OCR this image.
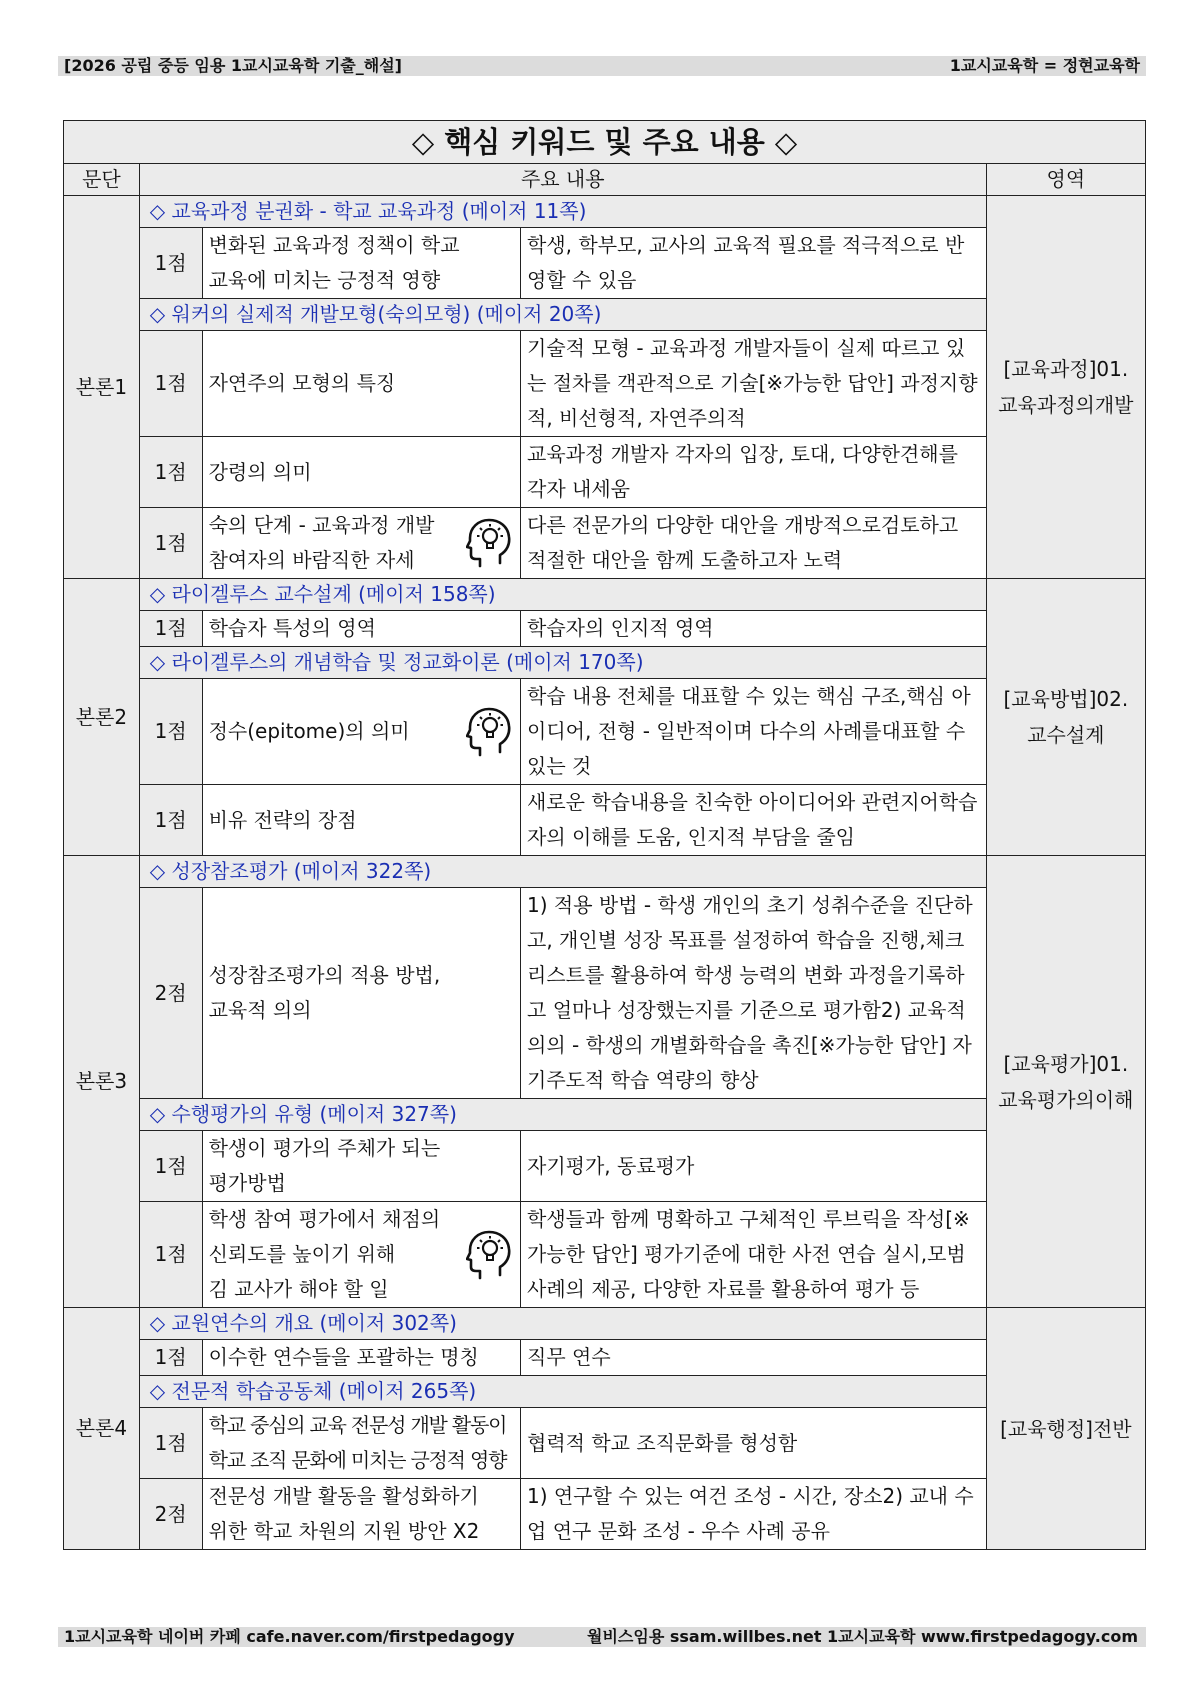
[2026 공립 중등 임용 1교시교육학 기출_해설]	1교시교육학 = 정현교육학
◇ 핵심 키워드 및 주요 내용 ◇				
문단	주요 내용			영역
본론1	◇ 교육과정 분권화 - 학교 교육과정 (메이저 11쪽)			[교육과정]01. 교육과정의개발
	1점	변화된 교육과정 정책이 학교
교육에 미치는 긍정적 영향	학생, 학부모, 교사의 교육적 필요를 적극적으로 반영할 수 있음	
	◇ 워커의 실제적 개발모형(숙의모형) (메이저 20쪽)			
	1점	자연주의 모형의 특징	기술적 모형 - 교육과정 개발자들이 실제 따르고 있는 절차를 객관적으로 기술[※가능한 답안] 과정지향적, 비선형적, 자연주의적	
	1점	강령의 의미	교육과정 개발자 각자의 입장, 토대, 다양한견해를 각자 내세움	
	1점	숙의 단계 - 교육과정 개발
참여자의 바람직한 자세	다른 전문가의 다양한 대안을 개방적으로검토하고 적절한 대안을 함께 도출하고자 노력	
본론2	◇ 라이겔루스 교수설계 (메이저 158쪽)			[교육방법]02. 교수설계
	1점	학습자 특성의 영역	학습자의 인지적 영역	
	◇ 라이겔루스의 개념학습 및 정교화이론 (메이저 170쪽)			
	1점	정수(epitome)의 의미	학습 내용 전체를 대표할 수 있는 핵심 구조,핵심 아이디어, 전형 - 일반적이며 다수의 사례를대표할 수 있는 것	
	1점	비유 전략의 장점	새로운 학습내용을 친숙한 아이디어와 관련지어학습자의 이해를 도움, 인지적 부담을 줄임	
본론3	◇ 성장참조평가 (메이저 322쪽)			[교육평가]01. 교육평가의이해
	2점	성장참조평가의 적용 방법,
교육적 의의	1) 적용 방법 - 학생 개인의 초기 성취수준을 진단하고, 개인별 성장 목표를 설정하여 학습을 진행,체크리스트를 활용하여 학생 능력의 변화 과정을기록하고 얼마나 성장했는지를 기준으로 평가함2) 교육적 의의 - 학생의 개별화학습을 촉진[※가능한 답안] 자기주도적 학습 역량의 향상	
	◇ 수행평가의 유형 (메이저 327쪽)			
	1점	학생이 평가의 주체가 되는
평가방법	자기평가, 동료평가	
	1점	학생 참여 평가에서 채점의
신뢰도를 높이기 위해
김 교사가 해야 할 일	학생들과 함께 명확하고 구체적인 루브릭을 작성[※가능한 답안] 평가기준에 대한 사전 연습 실시,모범 사례의 제공, 다양한 자료를 활용하여 평가 등	
본론4	◇ 교원연수의 개요 (메이저 302쪽)			[교육행정]전반
	1점	이수한 연수들을 포괄하는 명칭	직무 연수	
	◇ 전문적 학습공동체 (메이저 265쪽)			
	1점	학교 중심의 교육 전문성 개발 활동이
학교 조직 문화에 미치는 긍정적 영향	협력적 학교 조직문화를 형성함	
	2점	전문성 개발 활동을 활성화하기
위한 학교 차원의 지원 방안 X2	1) 연구할 수 있는 여건 조성 - 시간, 장소2) 교내 수업 연구 문화 조성 - 우수 사례 공유	
1교시교육학 네이버 카페 cafe.naver.com/firstpedagogy	월비스임용 ssam.willbes.net 1교시교육학 www.firstpedagogy.com
